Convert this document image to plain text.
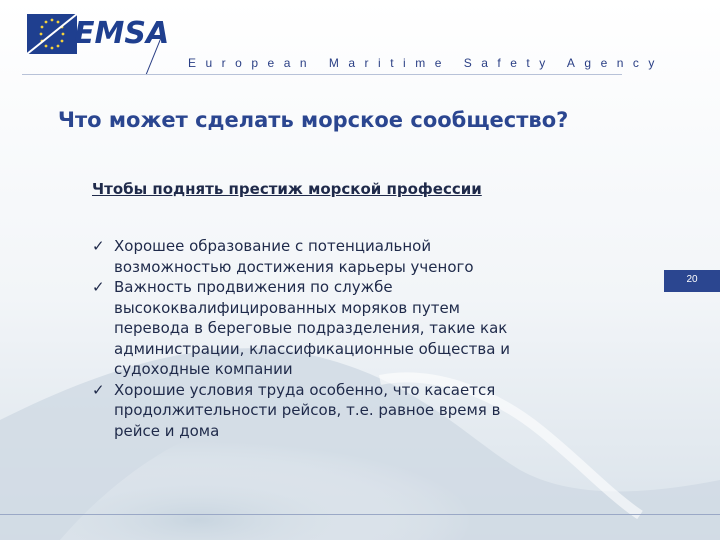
EMSA
European Maritime Safety Agency
Что может сделать морское сообщество?
Чтобы поднять престиж морской профессии
✓ Хорошее образование с потенциальной
возможностью достижения карьеры ученого
✓ Важность продвижения по службе
высококвалифицированных моряков путем
перевода в береговые подразделения, такие как
администрации, классификационные общества и
судоходные компании
✓ Хорошие условия труда особенно, что касается
продолжительности рейсов, т.е. равное время в
рейсе и дома
20
